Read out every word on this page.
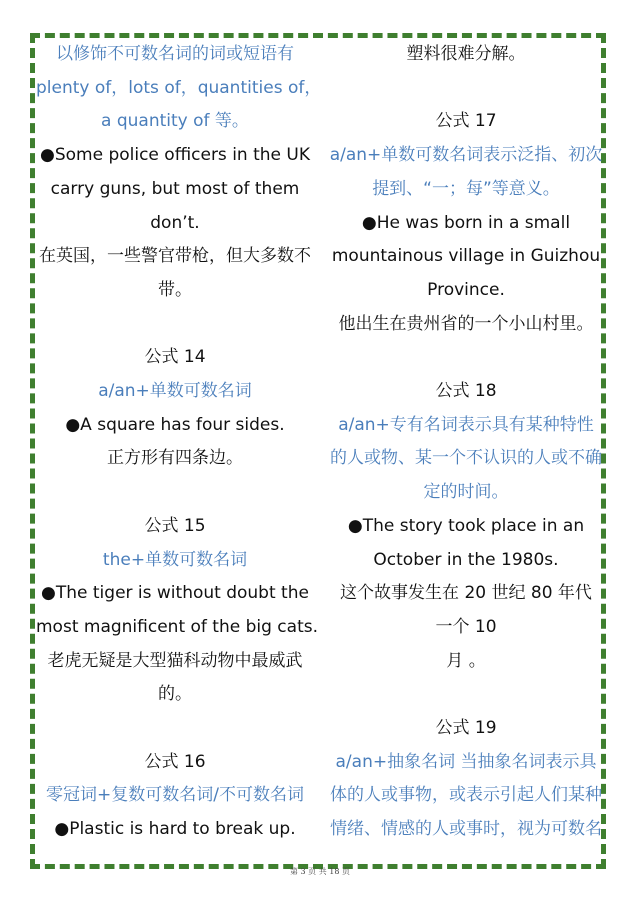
以修饰不可数名词的词或短语有
plenty of，lots of，quantities of，
a quantity of 等。
●Some police officers in the UK
carry guns, but most of them
don’t.
在英国，一些警官带枪，但大多数不
带。
公式 14
a/an+单数可数名词
●A square has four sides.
正方形有四条边。
公式 15
the+单数可数名词
●The tiger is without doubt the
most magnificent of the big cats.
老虎无疑是大型猫科动物中最威武
的。
公式 16
零冠词+复数可数名词/不可数名词
●Plastic is hard to break up.
塑料很难分解。
公式 17
a/an+单数可数名词表示泛指、初次
提到、“一；每”等意义。
●He was born in a small
mountainous village in Guizhou
Province.
他出生在贵州省的一个小山村里。
公式 18
a/an+专有名词表示具有某种特性
的人或物、某一个不认识的人或不确
定的时间。
●The story took place in an
October in the 1980s.
这个故事发生在 20 世纪 80 年代
一个 10
月 。
公式 19
a/an+抽象名词 当抽象名词表示具
体的人或事物，或表示引起人们某种
情绪、情感的人或事时，视为可数名
第 3 页 共 18 页
